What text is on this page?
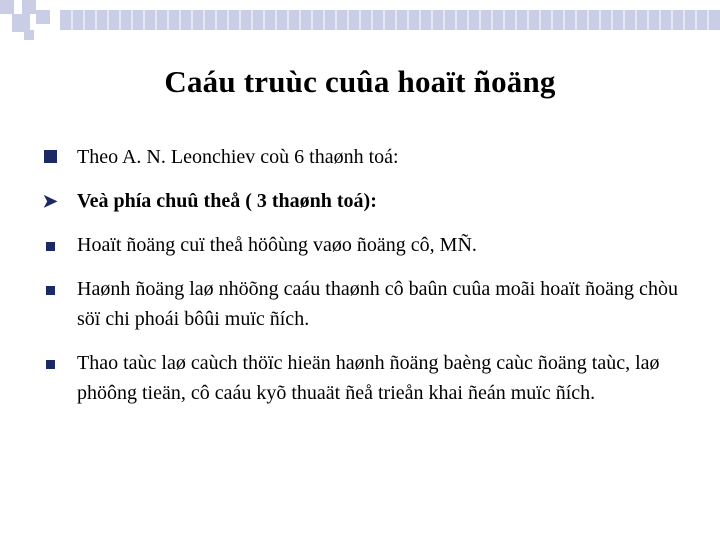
Caáu truùc cuûa hoaït ñoäng
Theo A. N. Leonchiev coù 6 thaønh toá:
➤ Veà phía chuû theå ( 3 thaønh toá):
Hoaït ñoäng cuï theå höôùng vaøo ñoäng cô, MÑ.
Haønh ñoäng laø nhöõng caáu thaønh cô baûn cuûa moãi hoaït ñoäng chòu söï chi phoái bôûi muïc ñích.
Thao taùc laø caùch thöïc hieän haønh ñoäng baèng caùc ñoäng taùc, laø phöông tieän, cô caáu kyõ thuaät ñeå trieån khai ñeán muïc ñích.
